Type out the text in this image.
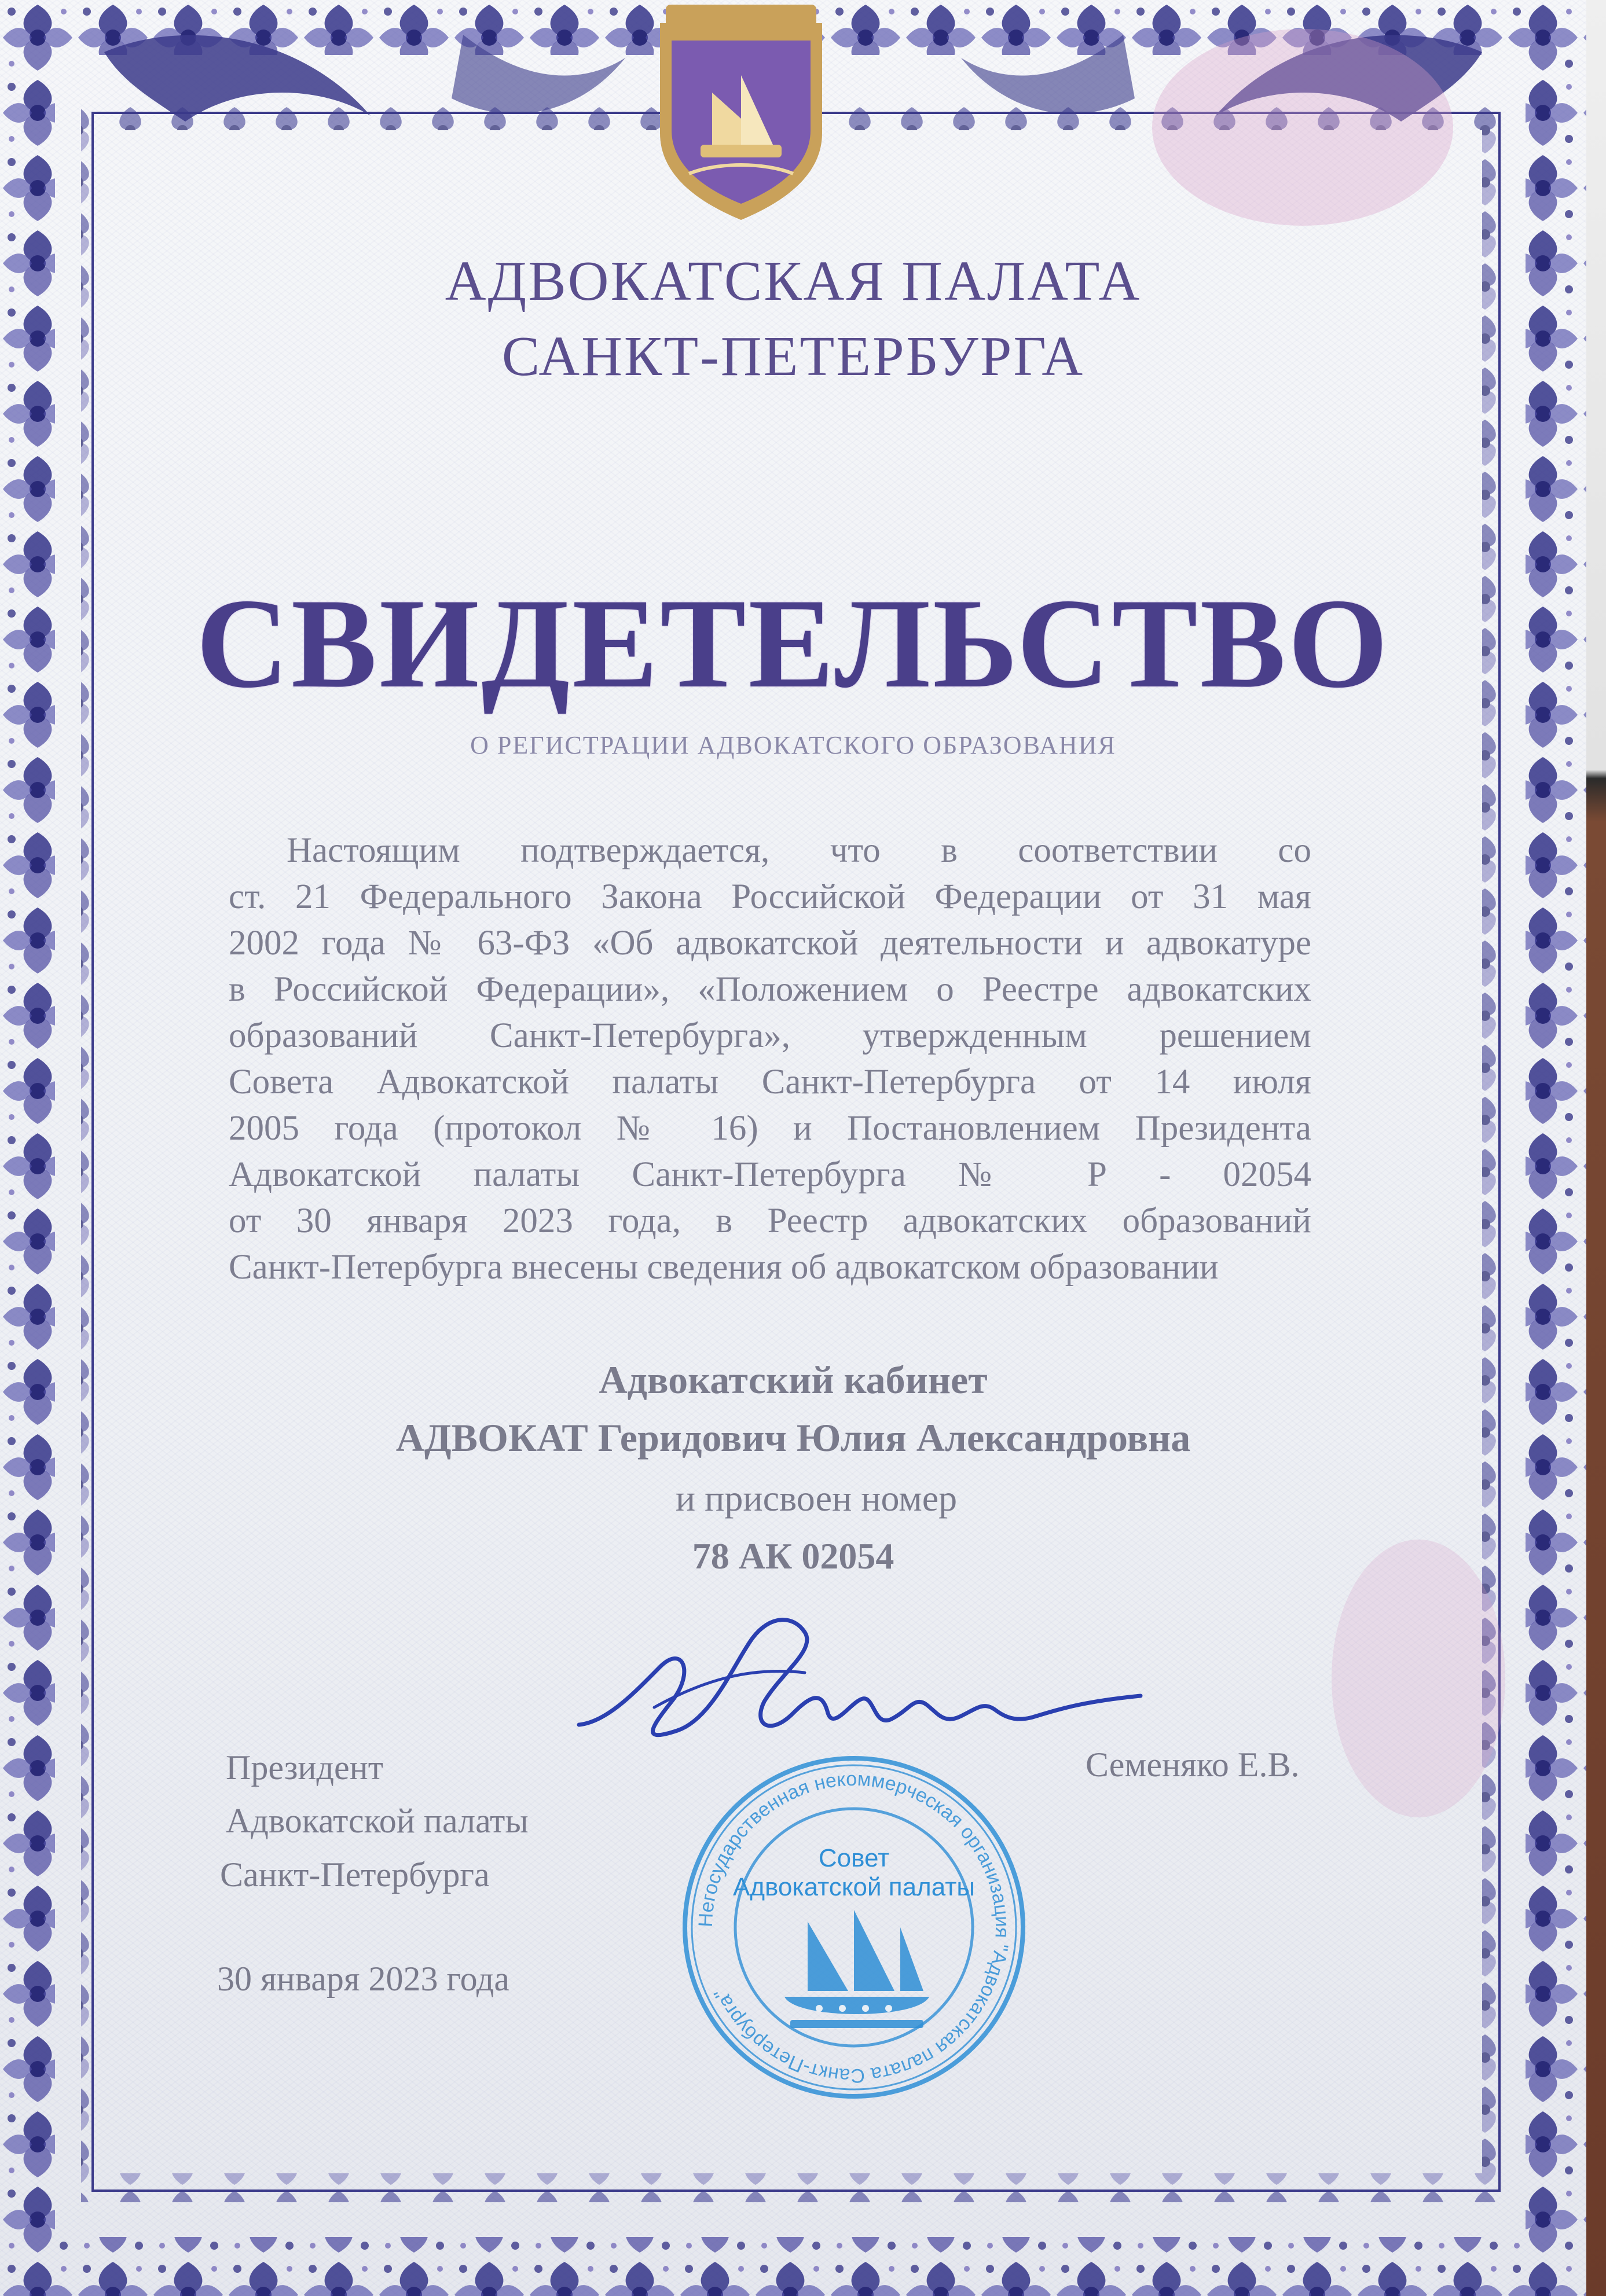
АДВОКАТСКАЯ ПАЛАТА
САНКТ-ПЕТЕРБУРГА
СВИДЕТЕЛЬСТВО
О РЕГИСТРАЦИИ АДВОКАТСКОГО ОБРАЗОВАНИЯ
Настоящим подтверждается, что в соответствии со
ст. 21 Федерального Закона Российской Федерации от 31 мая
2002 года № 63-ФЗ «Об адвокатской деятельности и адвокатуре
в Российской Федерации», «Положением о Реестре адвокатских
образований Санкт-Петербурга», утвержденным решением
Совета Адвокатской палаты Санкт-Петербурга от 14 июля
2005 года (протокол № 16) и Постановлением Президента
Адвокатской палаты Санкт-Петербурга № Р - 02054
от 30 января 2023 года, в Реестр адвокатских образований
Санкт-Петербурга внесены сведения об адвокатском образовании
Адвокатский кабинет
АДВОКАТ Геридович Юлия Александровна
и присвоен номер
78 АК 02054
Президент
Адвокатской палаты
Санкт-Петербурга
30 января 2023 года
Семеняко Е.В.
Негосударственная некоммерческая организация "Адвокатская палата Санкт-Петербурга"
Совет
Адвокатской палаты
